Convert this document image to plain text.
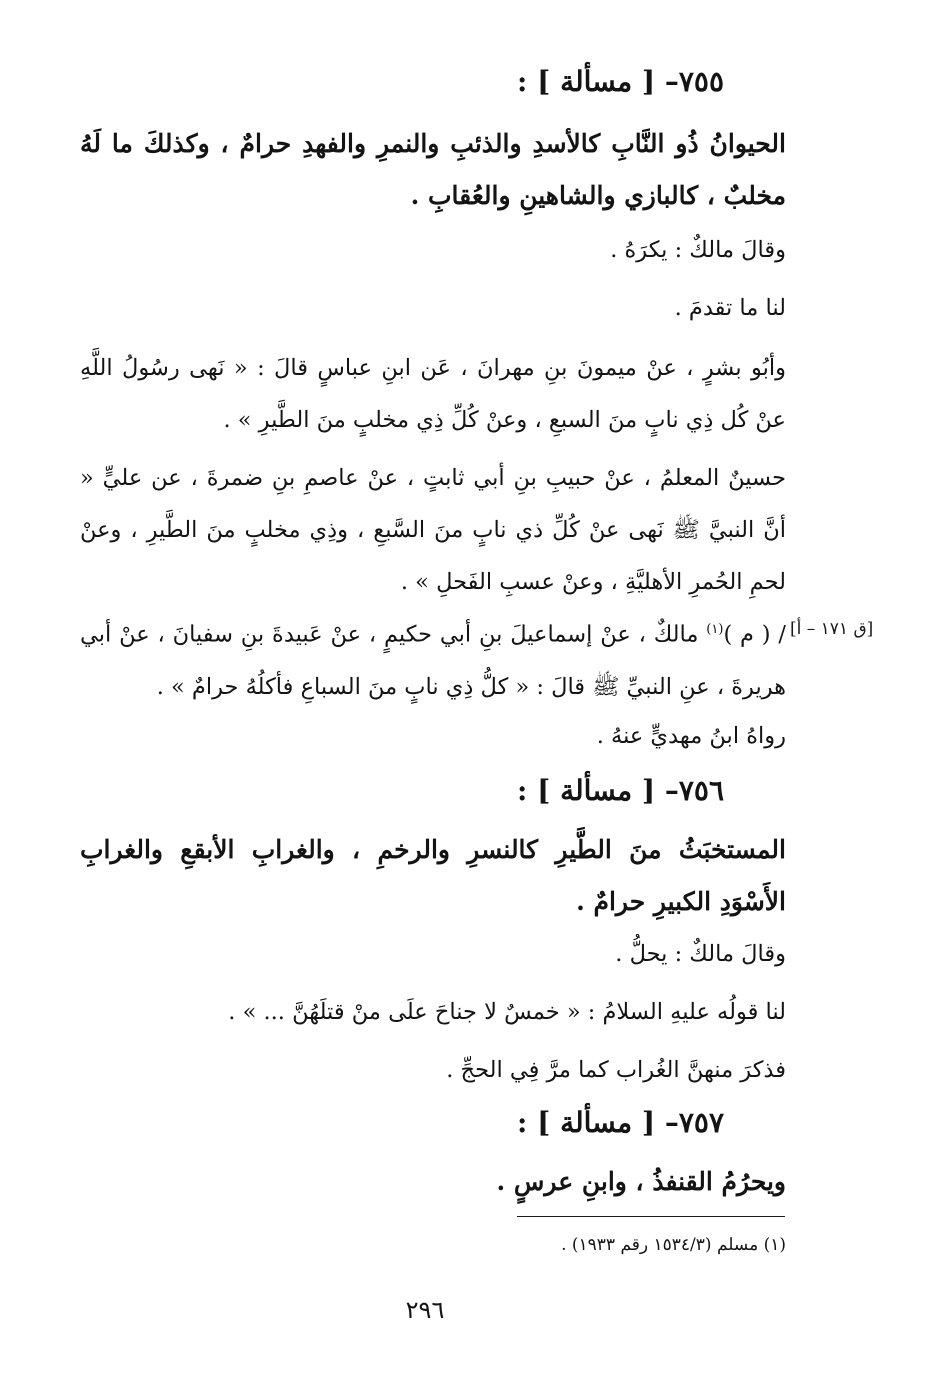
٧٥٥– [ مسألة ] :

الحيوانُ ذُو النَّابِ كالأسدِ والذئبِ والنمرِ والفهدِ حرامٌ ، وكذلكَ ما لَهُ مخلبٌ ، كالبازي والشاهينِ والعُقابِ .

وقالَ مالكٌ : يكرَهُ .

لنا ما تقدمَ .

وأبُو بشرٍ ، عنْ ميمونَ بنِ مهرانَ ، عَن ابنِ عباسٍ قالَ : « نَهى رسُولُ اللَّهِ عنْ كُل ذِي نابٍ منَ السبعِ ، وعنْ كُلِّ ذِي مخلبٍ منَ الطَّيرِ » .

حسينٌ المعلمُ ، عنْ حبيبِ بنِ أبي ثابتٍ ، عنْ عاصمِ بنِ ضمرةَ ، عن عليٍّ « أنَّ النبيَّ ﷺ نَهى عنْ كُلِّ ذي نابٍ منَ السَّبعِ ، وذِي مخلبٍ منَ الطَّيرِ ، وعنْ لحمِ الحُمرِ الأهليَّةِ ، وعنْ عسبِ الفَحلِ » .

[ق ١٧١ – أ]

/ ( م )$^{(١)}$ مالكٌ ، عنْ إسماعيلَ بنِ أبي حكيمٍ ، عنْ عَبيدةَ بنِ سفيانَ ، عنْ أبي هريرةَ ، عنِ النبيِّ ﷺ قالَ : « كلُّ ذِي نابٍ منَ السباعِ فأكلُهُ حرامٌ » .

رواهُ ابنُ مهديٍّ عنهُ .

٧٥٦– [ مسألة ] :

المستخبَثُ منَ الطَّيرِ كالنسرِ والرخمِ ، والغرابِ الأبقعِ والغرابِ الأَسْوَدِ الكبيرِ حرامٌ .

وقالَ مالكٌ : يحلُّ .

لنا قولُه عليهِ السلامُ : « خمسٌ لا جناحَ علَى منْ قتلَهُنَّ ... » .

فذكرَ منهنَّ الغُراب كما مرَّ فِي الحجِّ .

٧٥٧– [ مسألة ] :

ويحرُمُ القنفذُ ، وابنِ عرسٍ .

(١) مسلم (١٥٣٤/٣ رقم ١٩٣٣) .
٢٩٦
